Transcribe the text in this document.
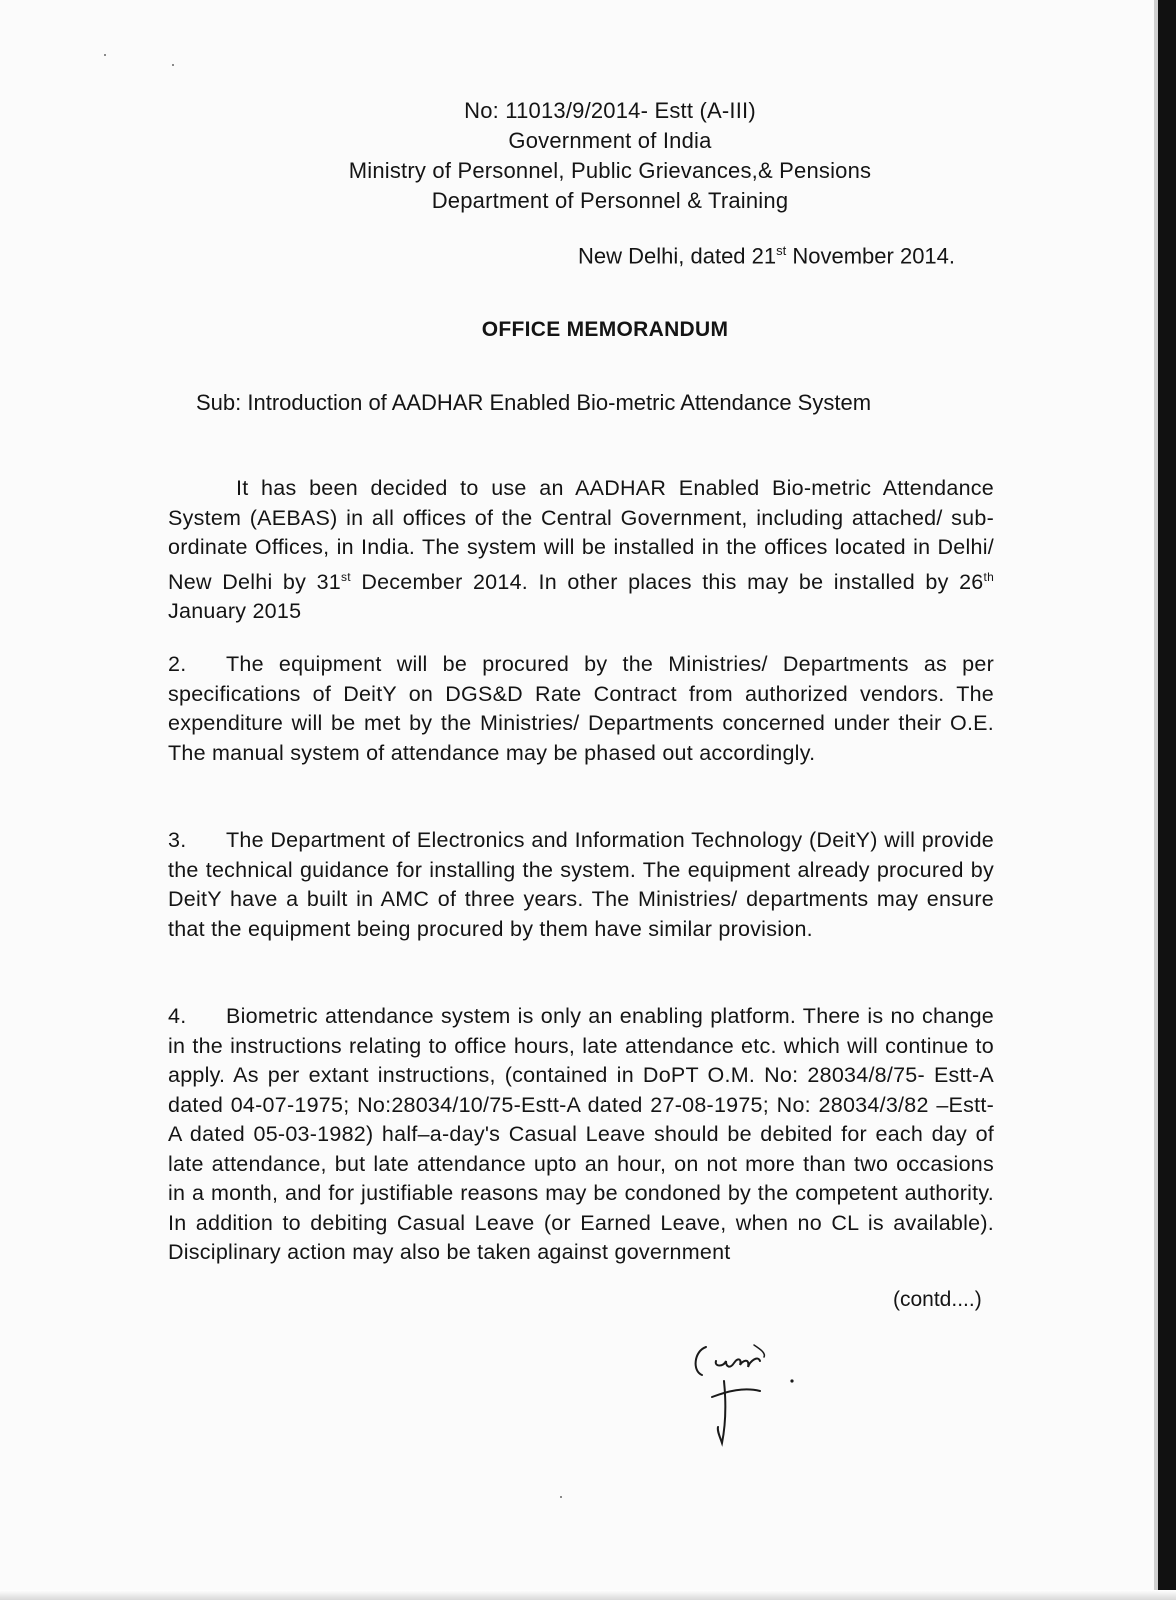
No: 11013/9/2014- Estt (A-III)
Government of India
Ministry of Personnel, Public Grievances,& Pensions
Department of Personnel & Training
New Delhi, dated 21st November 2014.
OFFICE MEMORANDUM
Sub: Introduction of AADHAR Enabled Bio-metric Attendance System
It has been decided to use an AADHAR Enabled Bio-metric Attendance System (AEBAS) in all offices of the Central Government, including attached/ sub-ordinate Offices, in India. The system will be installed in the offices located in Delhi/ New Delhi by 31st December 2014. In other places this may be installed by 26th January 2015
2. The equipment will be procured by the Ministries/ Departments as per specifications of DeitY on DGS&D Rate Contract from authorized vendors. The expenditure will be met by the Ministries/ Departments concerned under their O.E. The manual system of attendance may be phased out accordingly.
3. The Department of Electronics and Information Technology (DeitY) will provide the technical guidance for installing the system. The equipment already procured by DeitY have a built in AMC of three years. The Ministries/ departments may ensure that the equipment being procured by them have similar provision.
4. Biometric attendance system is only an enabling platform. There is no change in the instructions relating to office hours, late attendance etc. which will continue to apply. As per extant instructions, (contained in DoPT O.M. No: 28034/8/75- Estt-A dated 04-07-1975; No:28034/10/75-Estt-A dated 27-08-1975; No: 28034/3/82 –Estt-A dated 05-03-1982) half–a-day's Casual Leave should be debited for each day of late attendance, but late attendance upto an hour, on not more than two occasions in a month, and for justifiable reasons may be condoned by the competent authority. In addition to debiting Casual Leave (or Earned Leave, when no CL is available). Disciplinary action may also be taken against government
(contd....)
